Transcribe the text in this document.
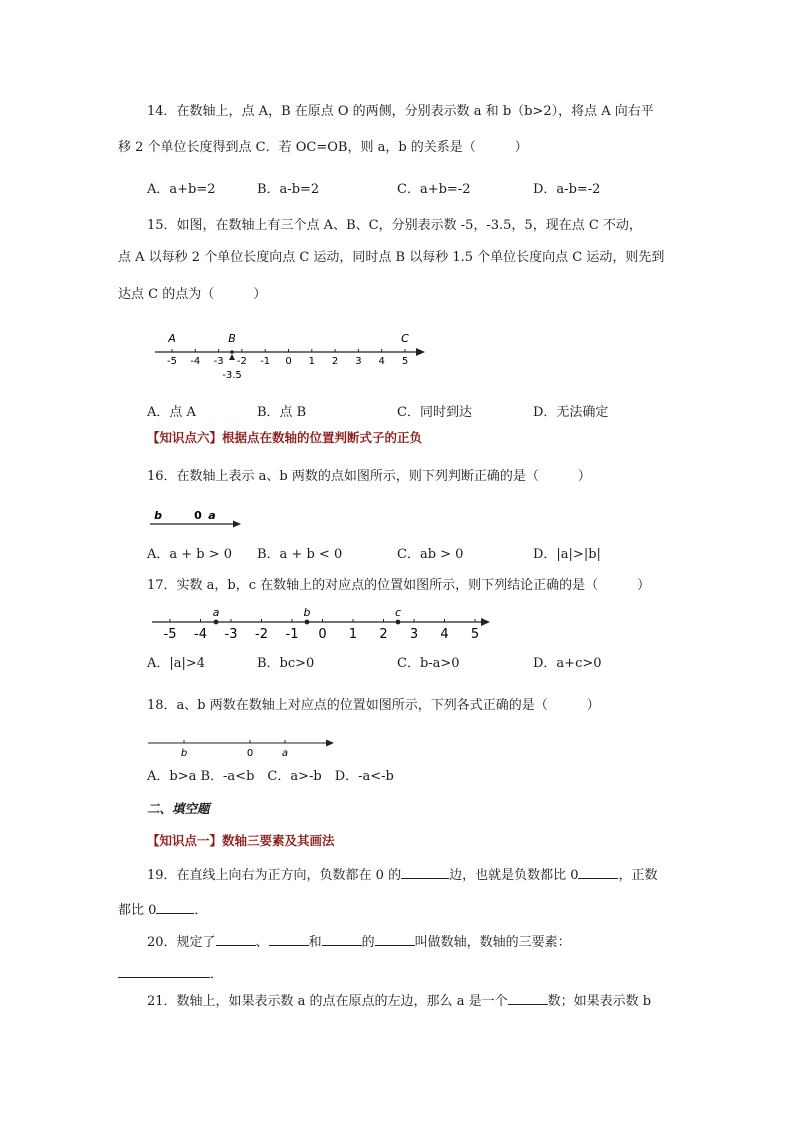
14．在数轴上，点 A，B 在原点 O 的两侧，分别表示数 a 和 b（b>2），将点 A 向右平
移 2 个单位长度得到点 C．若 OC=OB，则 a，b 的关系是（　　　）
A．a+b=2	B．a-b=2	C．a+b=-2	D．a-b=-2
15．如图，在数轴上有三个点 A、B、C，分别表示数 -5，-3.5，5，现在点 C 不动，
点 A 以每秒 2 个单位长度向点 C 运动，同时点 B 以每秒 1.5 个单位长度向点 C 运动，则先到
达点 C 的点为（　　　）
-5 -4 -3 -2 -1 0 1 2 3 4 5
A	B	C
-3.5
A．点 A	B．点 B	C．同时到达	D．无法确定
【知识点六】根据点在数轴的位置判断式子的正负
16．在数轴上表示 a、b 两数的点如图所示，则下列判断正确的是（　　　）
b	0 a
A．a + b > 0 B．a + b < 0	C．ab > 0	D．|a|>|b|
17．实数 a，b，c 在数轴上的对应点的位置如图所示，则下列结论正确的是（　　　）
-5 -4 -3 -2 -1 0 1 2 3 4 5
a	b	c
A．|a|>4	B．bc>0	C．b-a>0	D．a+c>0
18．a、b 两数在数轴上对应点的位置如图所示，下列各式正确的是（　　　）
b	0	a
A．b>a B．-a<b　C．a>-b　D．-a<-b
二、填空题
【知识点一】数轴三要素及其画法
19．在直线上向右为正方向，负数都在 0 的	边，也就是负数都比 0	，正数
都比 0	．
20．规定了	、	和	的	叫做数轴，数轴的三要素：
．
21．数轴上，如果表示数 a 的点在原点的左边，那么 a 是一个	数；如果表示数 b
